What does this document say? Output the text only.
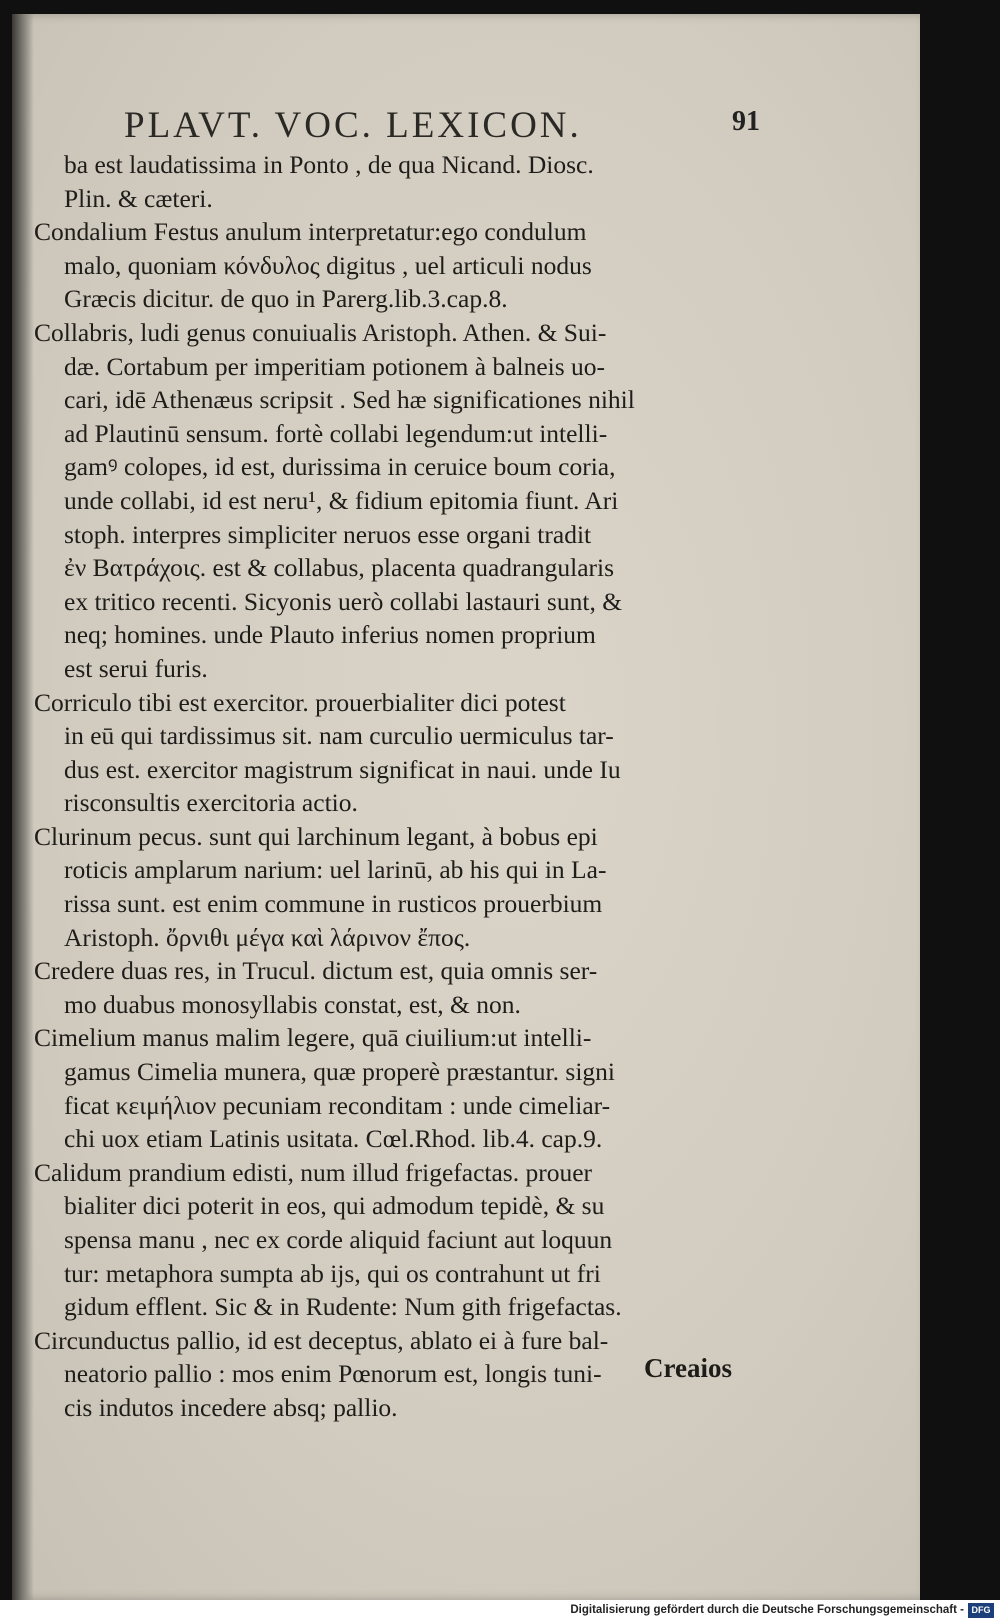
PLAVT. VOC. LEXICON.	91
ba est laudatissima in Ponto , de qua Nicand. Diosc.
Plin. & cæteri.
Condalium Festus anulum interpretatur:ego condulum
malo, quoniam κόνδυλος digitus , uel articuli nodus
Græcis dicitur. de quo in Parerg.lib.3.cap.8.
Collabris, ludi genus conuiualis Aristoph. Athen. & Sui-
dæ. Cortabum per imperitiam potionem à balneis uo-
cari, idē Athenæus scripsit . Sed hæ significationes nihil
ad Plautinū sensum. fortè collabi legendum:ut intelli-
gamꝰ colopes, id est, durissima in ceruice boum coria,
unde collabi, id est neru¹, & fidium epitomia fiunt. Ari
stoph. interpres simpliciter neruos esse organi tradit
ἐν Βατράχοις. est & collabus, placenta quadrangularis
ex tritico recenti. Sicyonis uerò collabi lastauri sunt, &
neq; homines. unde Plauto inferius nomen proprium
est serui furis.
Corriculo tibi est exercitor. prouerbialiter dici potest
in eū qui tardissimus sit. nam curculio uermiculus tar-
dus est. exercitor magistrum significat in naui. unde Iu
risconsultis exercitoria actio.
Clurinum pecus. sunt qui larchinum legant, à bobus epi
roticis amplarum narium: uel larinū, ab his qui in La-
rissa sunt. est enim commune in rusticos prouerbium
Aristoph. ὄρνιθι μέγα καὶ λάρινον ἔπος.
Credere duas res, in Trucul. dictum est, quia omnis ser-
mo duabus monosyllabis constat, est, & non.
Cimelium manus malim legere, quā ciuilium:ut intelli-
gamus Cimelia munera, quæ properè præstantur. signi
ficat κειμήλιον pecuniam reconditam : unde cimeliar-
chi uox etiam Latinis usitata. Cœl.Rhod. lib.4. cap.9.
Calidum prandium edisti, num illud frigefactas. prouer
bialiter dici poterit in eos, qui admodum tepidè, & su
spensa manu , nec ex corde aliquid faciunt aut loquun
tur: metaphora sumpta ab ijs, qui os contrahunt ut fri
gidum efflent. Sic & in Rudente: Num gith frigefactas.
Circunductus pallio, id est deceptus, ablato ei à fure bal-
neatorio pallio : mos enim Pœnorum est, longis tuni-
cis indutos incedere absq; pallio.
Creaios
Digitalisierung gefördert durch die Deutsche Forschungsgemeinschaft - DFG
